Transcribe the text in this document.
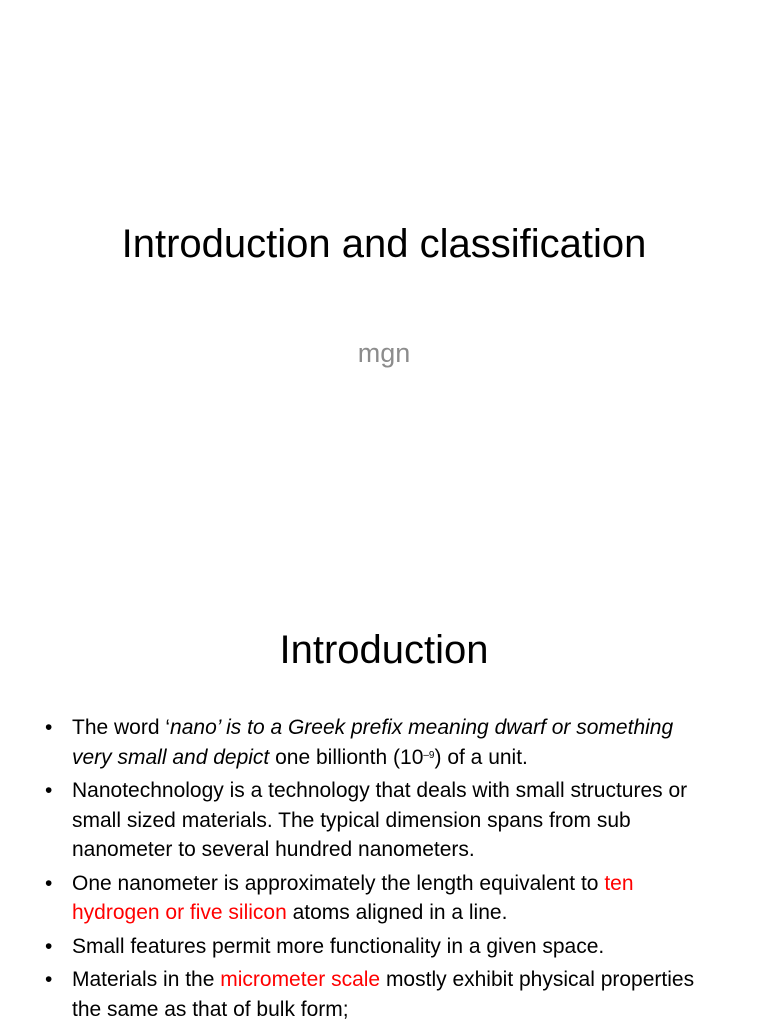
Introduction and classification
mgn
Introduction
• The word ‘nano’ is to a Greek prefix meaning dwarf or something very small and depict one billionth $(10^{-9})$ of a unit.
• Nanotechnology is a technology that deals with small structures or small sized materials. The typical dimension spans from sub nanometer to several hundred nanometers.
• One nanometer is approximately the length equivalent to ten hydrogen or five silicon atoms aligned in a line.
• Small features permit more functionality in a given space.
• Materials in the micrometer scale mostly exhibit physical properties the same as that of bulk form;
